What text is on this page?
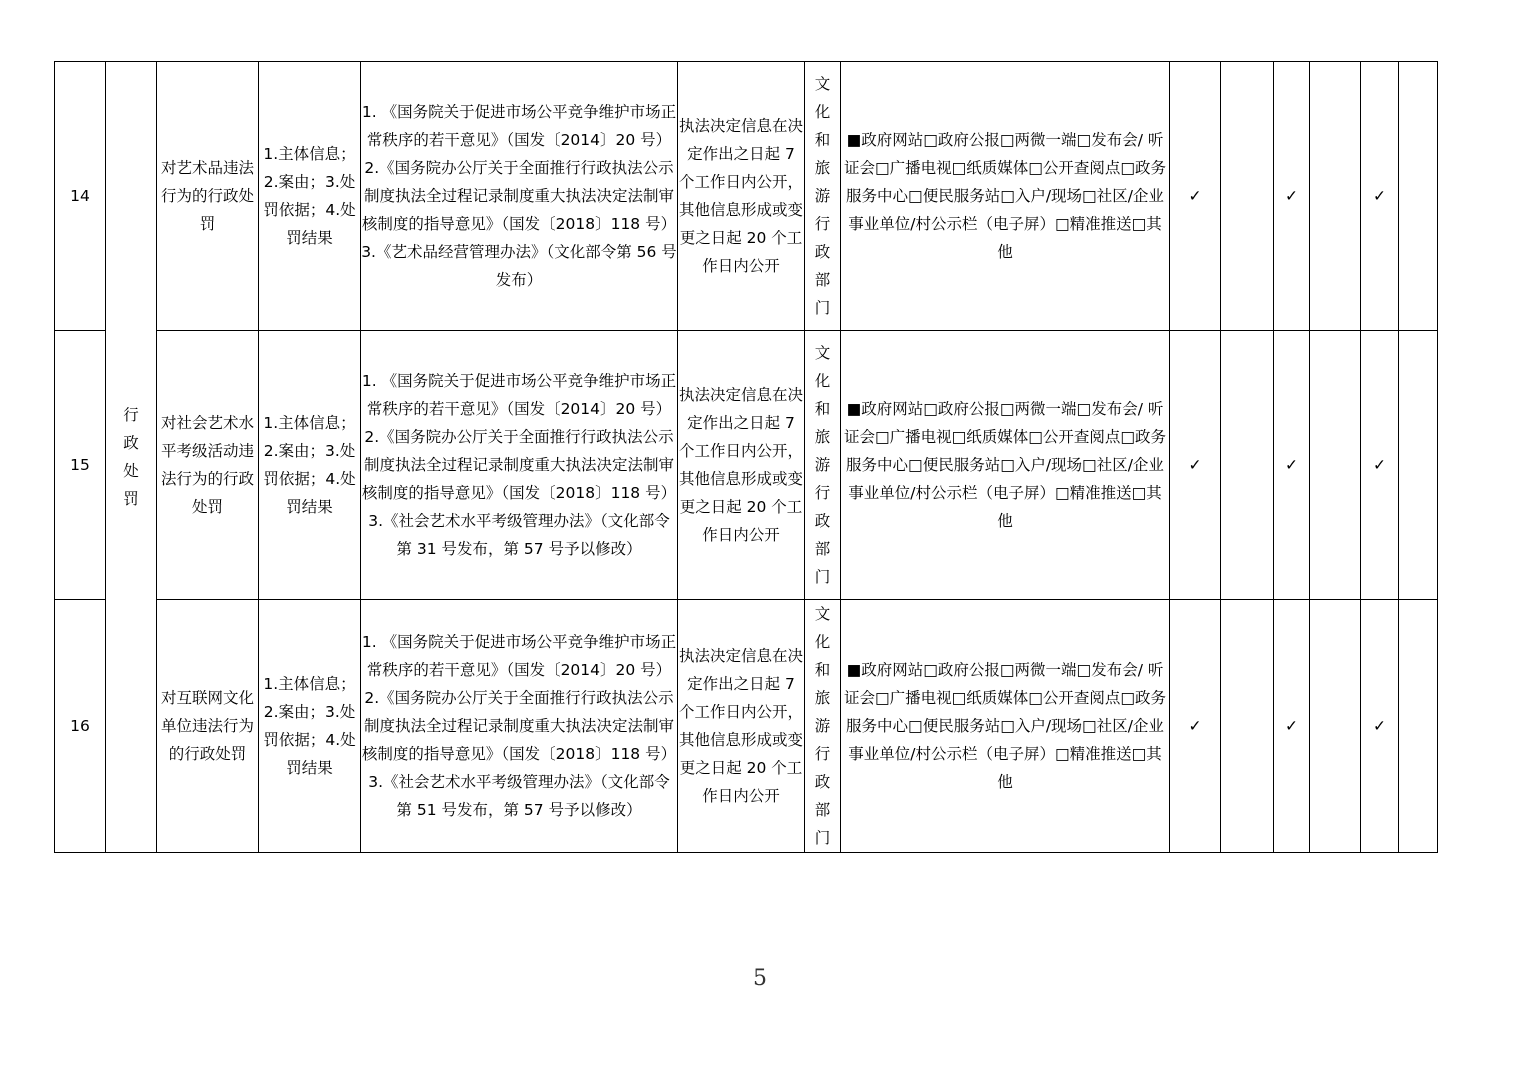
14	行政处罚	对艺术品违法行为的行政处罚	1.主体信息；2.案由；3.处罚依据；4.处罚结果	1. 《国务院关于促进市场公平竞争维护市场正常秩序的若干意见》（国发〔2014〕20 号）2.《国务院办公厅关于全面推行行政执法公示制度执法全过程记录制度重大执法决定法制审核制度的指导意见》（国发〔2018〕118 号）3.《艺术品经营管理办法》（文化部令第 56 号发布）	执法决定信息在决定作出之日起 7 个工作日内公开，其他信息形成或变更之日起 20 个工作日内公开	文化和旅游行政部门	■政府网站□政府公报□两微一端□发布会/ 听证会□广播电视□纸质媒体□公开查阅点□政务服务中心□便民服务站□入户/现场□社区/企业事业单位/村公示栏（电子屏）□精准推送□其他	✓		✓		✓	
15		对社会艺术水平考级活动违法行为的行政处罚	1.主体信息；2.案由；3.处罚依据；4.处罚结果	1. 《国务院关于促进市场公平竞争维护市场正常秩序的若干意见》（国发〔2014〕20 号）2.《国务院办公厅关于全面推行行政执法公示制度执法全过程记录制度重大执法决定法制审核制度的指导意见》（国发〔2018〕118 号）3.《社会艺术水平考级管理办法》（文化部令第 31 号发布，第 57 号予以修改）	执法决定信息在决定作出之日起 7 个工作日内公开，其他信息形成或变更之日起 20 个工作日内公开	文化和旅游行政部门	■政府网站□政府公报□两微一端□发布会/ 听证会□广播电视□纸质媒体□公开查阅点□政务服务中心□便民服务站□入户/现场□社区/企业事业单位/村公示栏（电子屏）□精准推送□其他	✓		✓		✓	
16		对互联网文化单位违法行为的行政处罚	1.主体信息；2.案由；3.处罚依据；4.处罚结果	1. 《国务院关于促进市场公平竞争维护市场正常秩序的若干意见》（国发〔2014〕20 号）2.《国务院办公厅关于全面推行行政执法公示制度执法全过程记录制度重大执法决定法制审核制度的指导意见》（国发〔2018〕118 号）3.《社会艺术水平考级管理办法》（文化部令第 51 号发布，第 57 号予以修改）	执法决定信息在决定作出之日起 7 个工作日内公开，其他信息形成或变更之日起 20 个工作日内公开	文化和旅游行政部门	■政府网站□政府公报□两微一端□发布会/ 听证会□广播电视□纸质媒体□公开查阅点□政务服务中心□便民服务站□入户/现场□社区/企业事业单位/村公示栏（电子屏）□精准推送□其他	✓		✓		✓	
5
